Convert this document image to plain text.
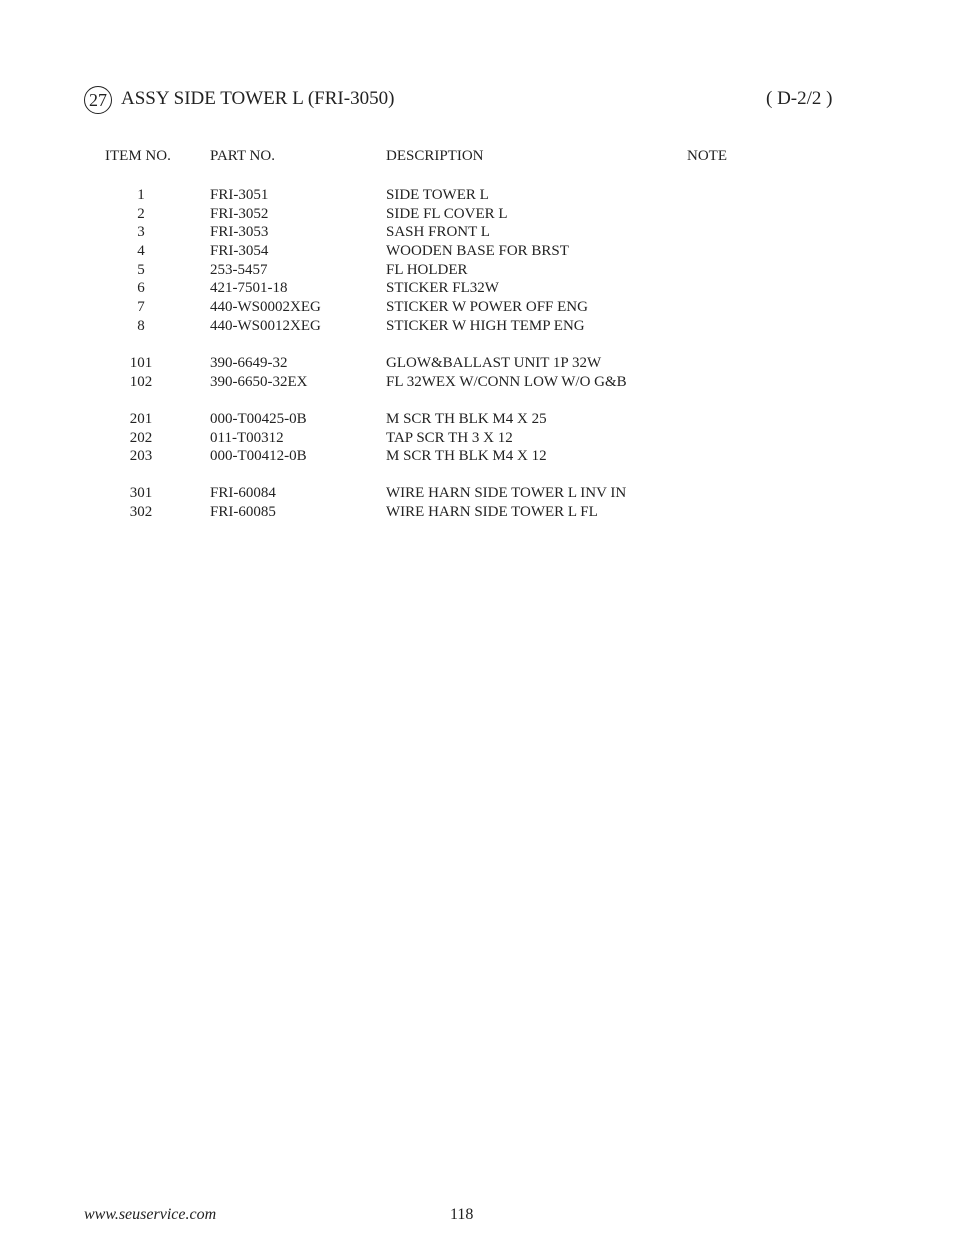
27 ASSY SIDE TOWER L (FRI-3050)	( D-2/2 )
ITEM NO.	PART NO.	DESCRIPTION	NOTE
1	FRI-3051	SIDE TOWER L
2	FRI-3052	SIDE FL COVER L
3	FRI-3053	SASH FRONT L
4	FRI-3054	WOODEN BASE FOR BRST
5	253-5457	FL HOLDER
6	421-7501-18	STICKER FL32W
7	440-WS0002XEG	STICKER W POWER OFF ENG
8	440-WS0012XEG	STICKER W HIGH TEMP ENG
101	390-6649-32	GLOW&BALLAST UNIT 1P 32W
102	390-6650-32EX	FL 32WEX W/CONN LOW W/O G&B
201	000-T00425-0B	M SCR TH BLK M4 X 25
202	011-T00312	TAP SCR TH 3 X 12
203	000-T00412-0B	M SCR TH BLK M4 X 12
301	FRI-60084	WIRE HARN SIDE TOWER L INV IN
302	FRI-60085	WIRE HARN SIDE TOWER L FL
www.seuservice.com	118
